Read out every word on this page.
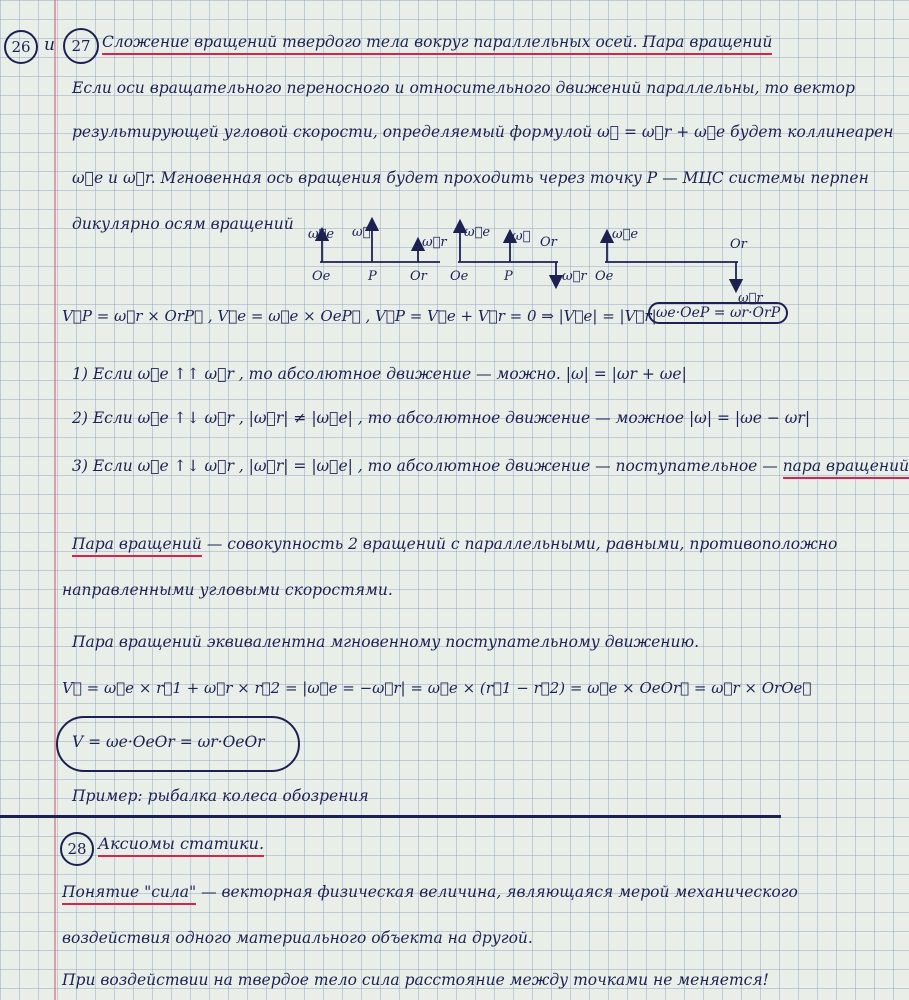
26 и 27 Сложение вращений твердого тела вокруг параллельных осей. Пара вращений
Если оси вращательного переносного и относительного движений параллельны, то вектор
результирующей угловой скорости, определяемый формулой ω⃗ = ω⃗r + ω⃗e будет коллинеарен
ω⃗e и ω⃗r. Мгновенная ось вращения будет проходить через точку P — МЦС системы перпен
дикулярно осям вращений
ω⃗e ω⃗
ω⃗r
Oe	P	Or
ω⃗e ω⃗ Or
ω⃗r
Oe	P
ω⃗e
Or
ω⃗r
Oe
V⃗P = ω⃗r × OrP⃗ , V⃗e = ω⃗e × OeP⃗ , V⃗P = V⃗e + V⃗r = 0 ⇒ |V⃗e| = |V⃗r| ωe·OeP = ωr·OrP
1) Если ω⃗e ↑↑ ω⃗r , то абсолютное движение — можно. |ω| = |ωr + ωe|
2) Если ω⃗e ↑↓ ω⃗r , |ω⃗r| ≠ |ω⃗e| , то абсолютное движение — можное |ω| = |ωe − ωr|
3) Если ω⃗e ↑↓ ω⃗r , |ω⃗r| = |ω⃗e| , то абсолютное движение — поступательное — пара вращений
Пара вращений — совокупность 2 вращений с параллельными, равными, противоположно
направленными угловыми скоростями.
Пара вращений эквивалентна мгновенному поступательному движению.
V⃗ = ω⃗e × r⃗1 + ω⃗r × r⃗2 = |ω⃗e = −ω⃗r| = ω⃗e × (r⃗1 − r⃗2) = ω⃗e × OeOr⃗ = ω⃗r × OrOe⃗
V = ωe·OeOr = ωr·OeOr
Пример: рыбалка колеса обозрения
28 Аксиомы статики.
Понятие "сила" — векторная физическая величина, являющаяся мерой механического
воздействия одного материального объекта на другой.
При воздействии на твердое тело сила расстояние между точками не меняется!
